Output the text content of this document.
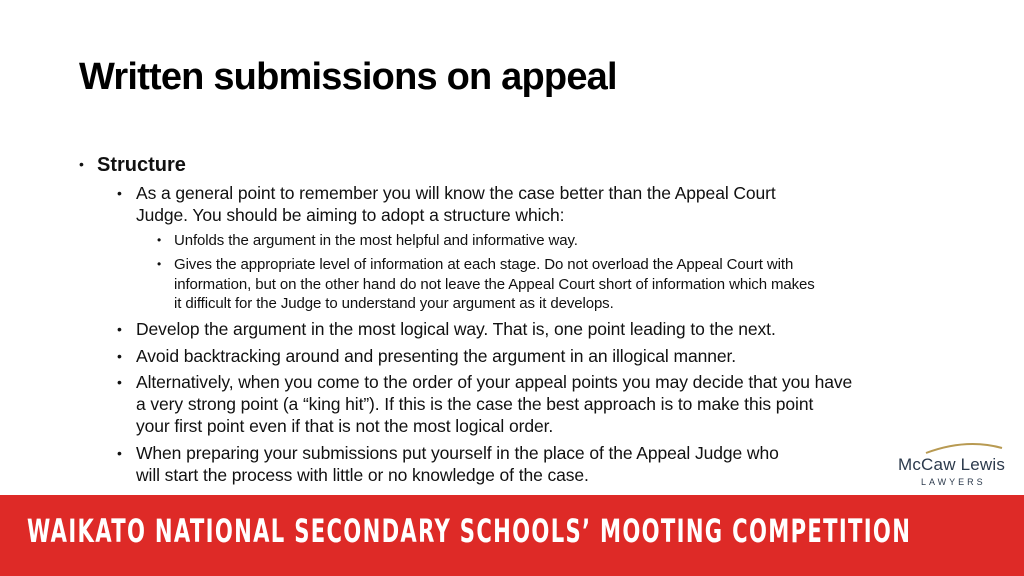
Written submissions on appeal
• Structure

• As a general point to remember you will know the case better than the Appeal Court
Judge. You should be aiming to adopt a structure which:

• Unfolds the argument in the most helpful and informative way.

• Gives the appropriate level of information at each stage. Do not overload the Appeal Court with
information, but on the other hand do not leave the Appeal Court short of information which makes
it difficult for the Judge to understand your argument as it develops.

• Develop the argument in the most logical way. That is, one point leading to the next.

• Avoid backtracking around and presenting the argument in an illogical manner.

• Alternatively, when you come to the order of your appeal points you may decide that you have
a very strong point (a “king hit”). If this is the case the best approach is to make this point
your first point even if that is not the most logical order.

• When preparing your submissions put yourself in the place of the Appeal Judge who
will start the process with little or no knowledge of the case.

McCaw Lewis
LAWYERS

WAIKATO NATIONAL SECONDARY SCHOOLS’ MOOTING COMPETITION
